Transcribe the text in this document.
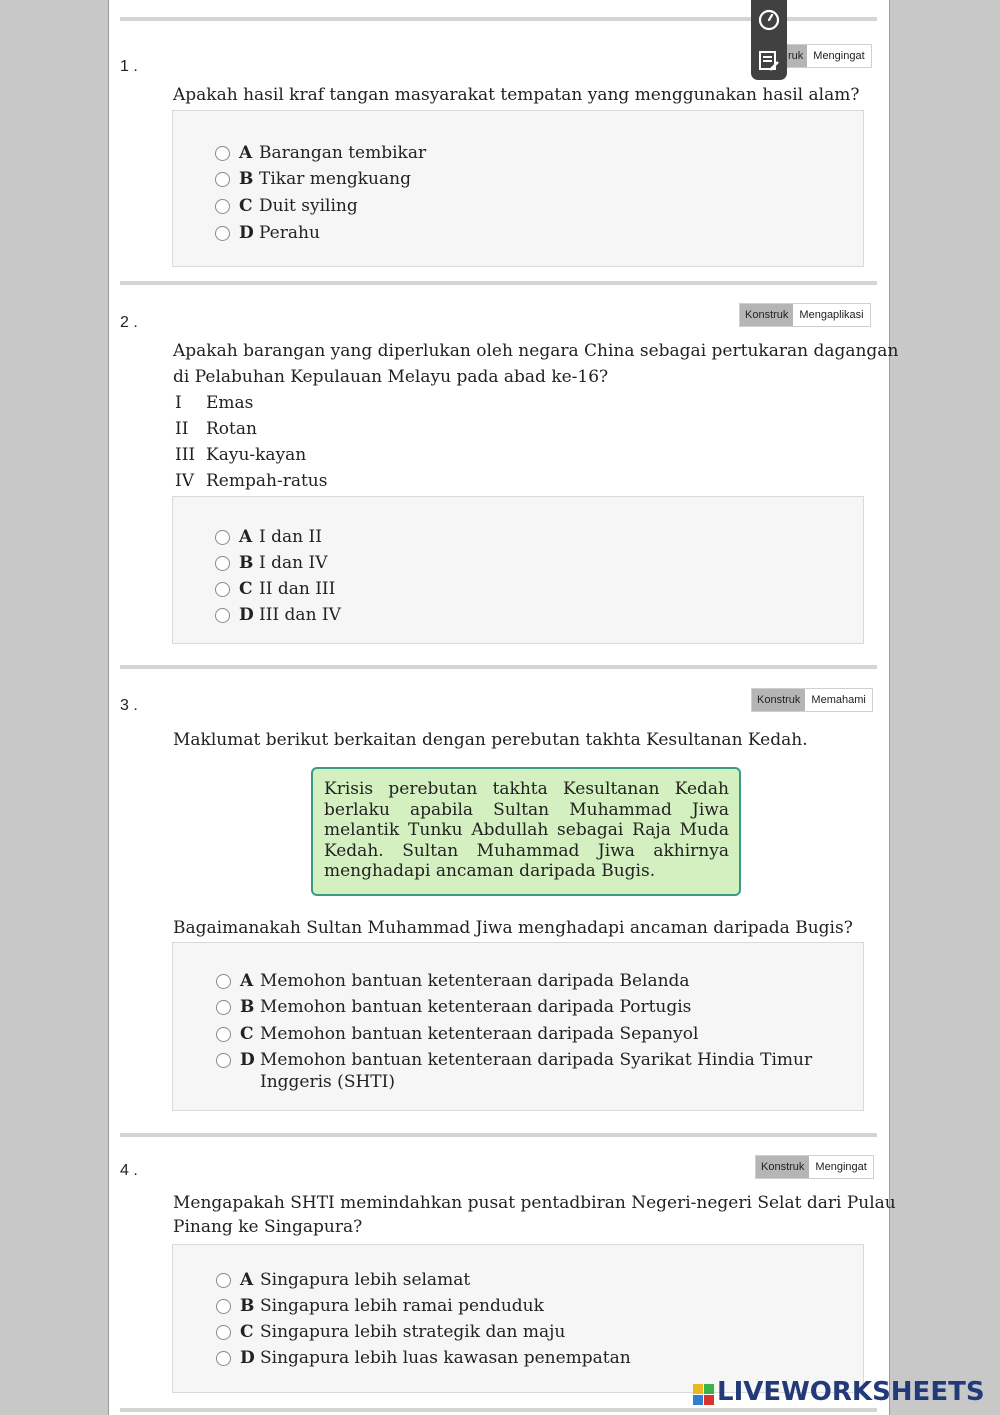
1 .
ruk Mengingat
Apakah hasil kraf tangan masyarakat tempatan yang menggunakan hasil alam?
A Barangan tembikar
B Tikar mengkuang
C Duit syiling
D Perahu
2 .	Konstruk	Mengaplikasi
Apakah barangan yang diperlukan oleh negara China sebagai pertukaran dagangan
di Pelabuhan Kepulauan Melayu pada abad ke-16?
I	Emas
II	Rotan
III Kayu-kayan
IV Rempah-ratus
A I dan II
B I dan IV
C II dan III
D III dan IV
3 .	Konstruk	Memahami
Maklumat berikut berkaitan dengan perebutan takhta Kesultanan Kedah.
Krisis perebutan takhta Kesultanan Kedah berlaku apabila Sultan Muhammad Jiwa melantik Tunku Abdullah sebagai Raja Muda Kedah. Sultan Muhammad Jiwa akhirnya menghadapi ancaman daripada Bugis.
Bagaimanakah Sultan Muhammad Jiwa menghadapi ancaman daripada Bugis?
A Memohon bantuan ketenteraan daripada Belanda
B Memohon bantuan ketenteraan daripada Portugis
C Memohon bantuan ketenteraan daripada Sepanyol
D Memohon bantuan ketenteraan daripada Syarikat Hindia Timur Inggeris (SHTI)
4 .	Konstruk	Mengingat
Mengapakah SHTI memindahkan pusat pentadbiran Negeri-negeri Selat dari Pulau
Pinang ke Singapura?
A Singapura lebih selamat
B Singapura lebih ramai penduduk
C Singapura lebih strategik dan maju
D Singapura lebih luas kawasan penempatan
LIVEWORKSHEETS
